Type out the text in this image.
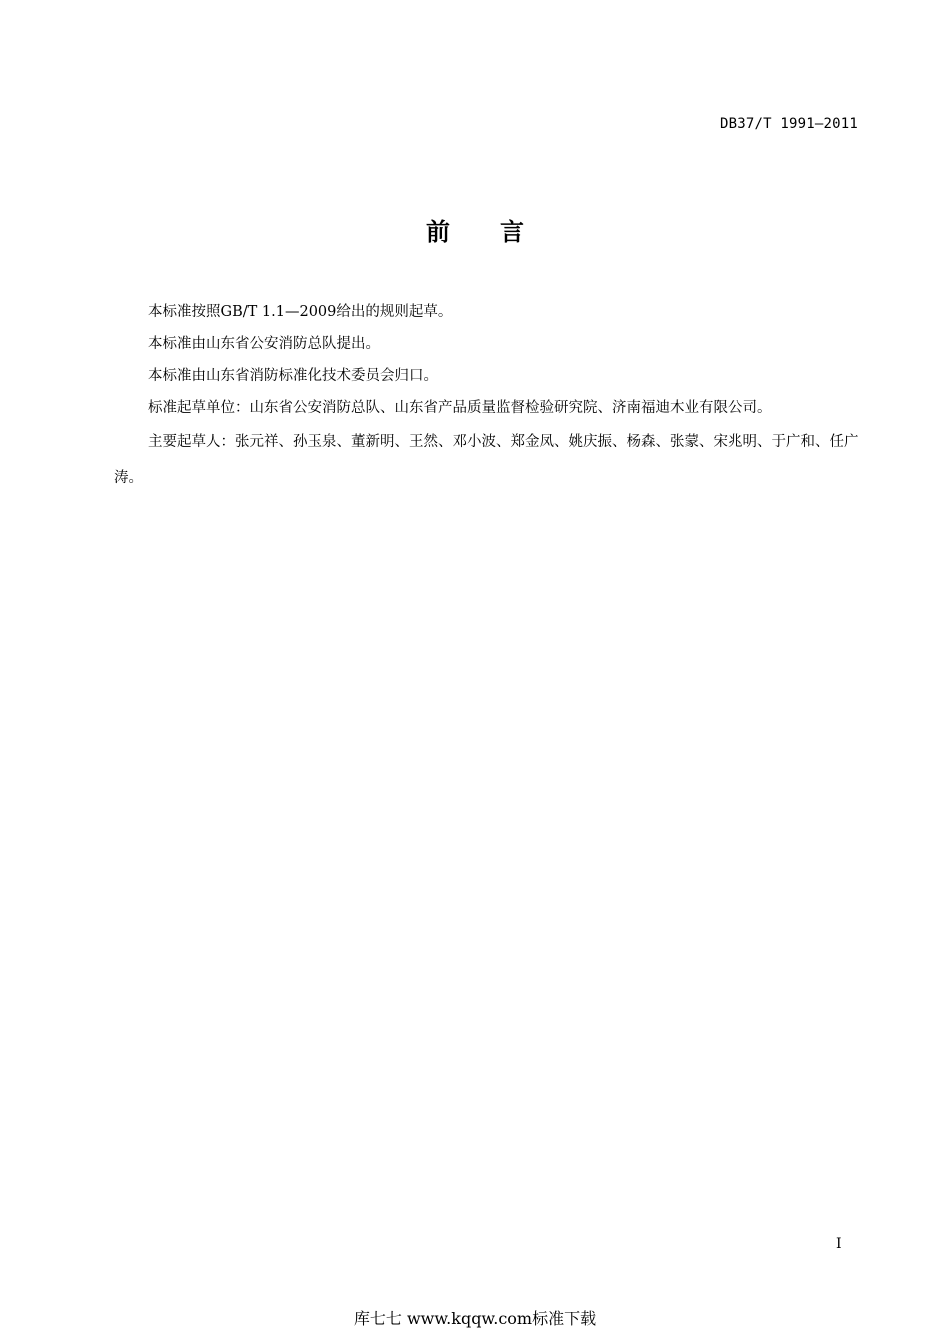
DB37/T 1991—2011
前言

本标准按照GB/T 1.1—2009给出的规则起草。

本标准由山东省公安消防总队提出。

本标准由山东省消防标准化技术委员会归口。

标准起草单位：山东省公安消防总队、山东省产品质量监督检验研究院、济南福迪木业有限公司。

主要起草人：张元祥、孙玉泉、董新明、王然、邓小波、郑金凤、姚庆振、杨森、张蒙、宋兆明、于广和、任广涛。

I
库七七 www.kqqw.com标准下载
